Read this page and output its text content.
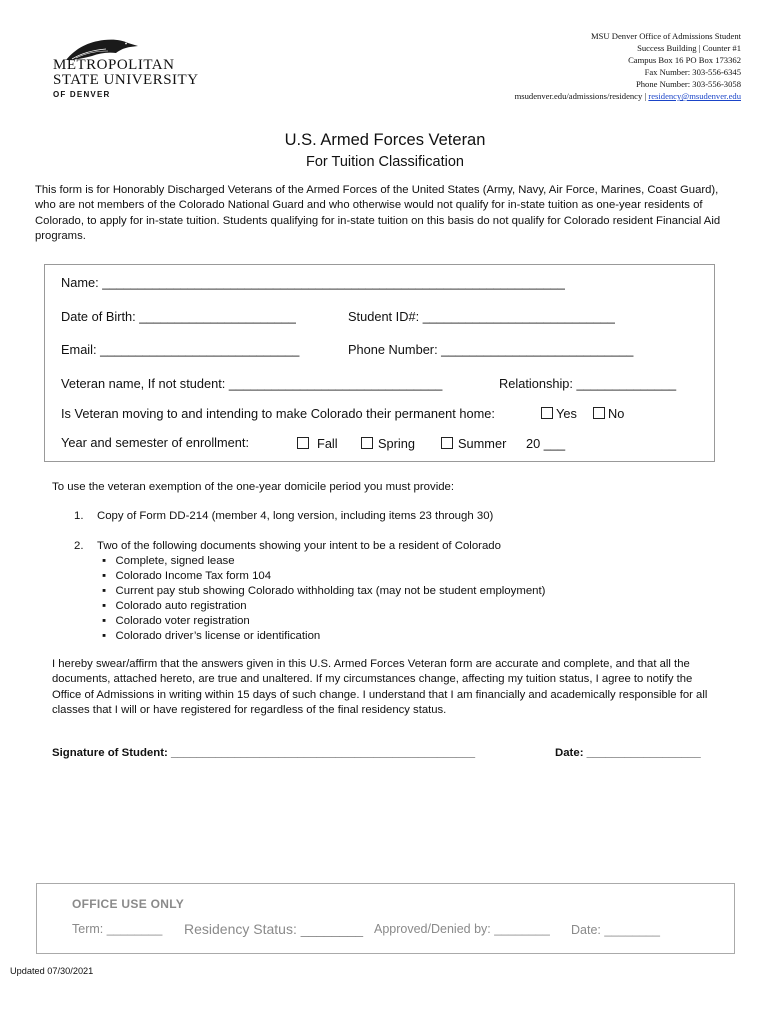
METROPOLITAN
STATE UNIVERSITY
OF DENVER
MSU Denver Office of Admissions Student
Success Building | Counter #1
Campus Box 16 PO Box 173362
Fax Number: 303-556-6345
Phone Number: 303-556-3058
msudenver.edu/admissions/residency | residency@msudenver.edu
U.S. Armed Forces Veteran
For Tuition Classification
This form is for Honorably Discharged Veterans of the Armed Forces of the United States (Army, Navy, Air Force, Marines, Coast Guard), who are not members of the Colorado National Guard and who otherwise would not qualify for in-state tuition as one-year residents of Colorado, to apply for in-state tuition. Students qualifying for in-state tuition on this basis do not qualify for Colorado resident Financial Aid programs.
Name: _________________________________________________________________
Date of Birth: ______________________	Student ID#: ___________________________
Email: ____________________________	Phone Number: ___________________________
Veteran name, If not student: ______________________________	Relationship: ______________
Is Veteran moving to and intending to make Colorado their permanent home:	Yes	No
Year and semester of enrollment:	Fall	Spring	Summer 20 ___
To use the veteran exemption of the one-year domicile period you must provide:
1. Copy of Form DD-214 (member 4, long version, including items 23 through 30)
2. Two of the following documents showing your intent to be a resident of Colorado
▪ Complete, signed lease
▪ Colorado Income Tax form 104
▪ Current pay stub showing Colorado withholding tax (may not be student employment)
▪ Colorado auto registration
▪ Colorado voter registration
▪ Colorado driver’s license or identification
I hereby swear/affirm that the answers given in this U.S. Armed Forces Veteran form are accurate and complete, and that all the documents, attached hereto, are true and unaltered. If my circumstances change, affecting my tuition status, I agree to notify the Office of Admissions in writing within 15 days of such change. I understand that I am financially and academically responsible for all classes that I will or have registered for regardless of the final residency status.
Signature of Student: ________________________________________________	Date: __________________
OFFICE USE ONLY
Term: ________ Residency Status: ________ Approved/Denied by: ________ Date: ________
Updated 07/30/2021
